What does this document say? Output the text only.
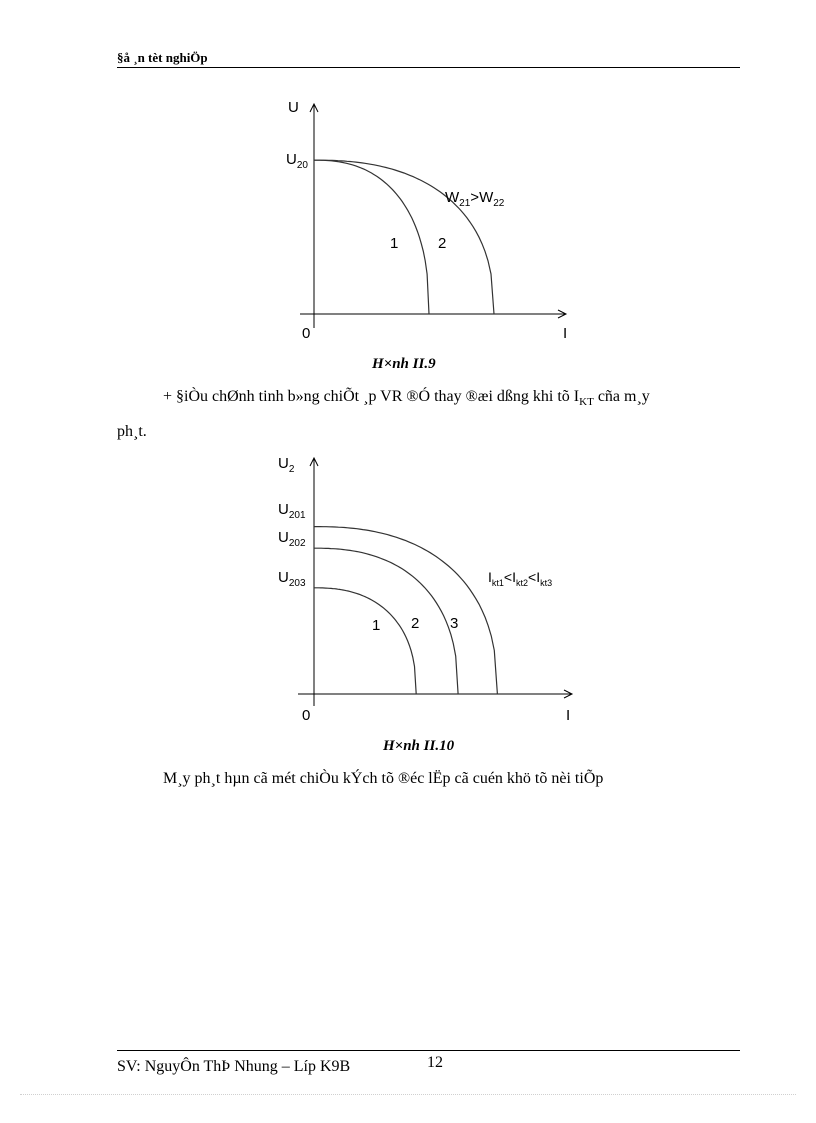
§å ¸n tèt nghiÖp
U
I
0
$U_{20}$
1	2
$W_{21}>W_{22}$
H×nh II.9
+ §iÒu chØnh tinh b»ng chiÕt ¸p VR ®Ó thay ®æi dßng khi tõ $I_{KT}$ cña m¸y
ph¸t.
$U_2$
I
0
$U_{201}$
$U_{202}$
$U_{203}$
1 2 3
$I_{kt1}<I_{kt2}<I_{kt3}$
H×nh II.10
M¸y ph¸t hµn cã mét chiÒu kÝch tõ ®éc lËp cã cuén khö tõ nèi tiÕp
SV: NguyÔn ThÞ Nhung – Líp K9B	12
